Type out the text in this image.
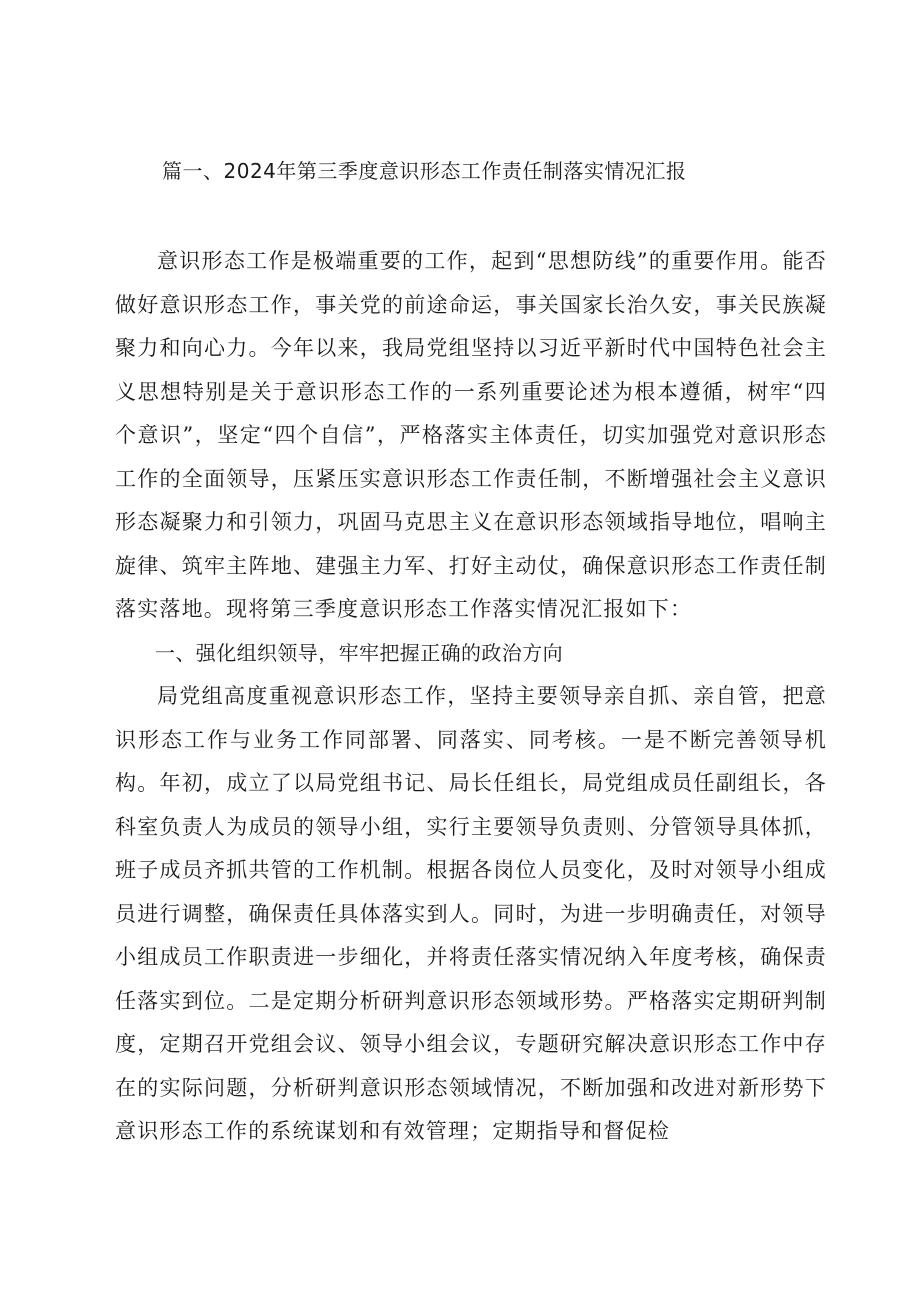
篇一、2024年第三季度意识形态工作责任制落实情况汇报

意识形态工作是极端重要的工作，起到“思想防线”的重要作用。能否做好意识形态工作，事关党的前途命运，事关国家长治久安，事关民族凝聚力和向心力。今年以来，我局党组坚持以习近平新时代中国特色社会主义思想特别是关于意识形态工作的一系列重要论述为根本遵循，树牢“四个意识”，坚定“四个自信”，严格落实主体责任，切实加强党对意识形态工作的全面领导，压紧压实意识形态工作责任制，不断增强社会主义意识形态凝聚力和引领力，巩固马克思主义在意识形态领域指导地位，唱响主旋律、筑牢主阵地、建强主力军、打好主动仗，确保意识形态工作责任制落实落地。现将第三季度意识形态工作落实情况汇报如下：

一、强化组织领导，牢牢把握正确的政治方向

局党组高度重视意识形态工作，坚持主要领导亲自抓、亲自管，把意识形态工作与业务工作同部署、同落实、同考核。一是不断完善领导机构。年初，成立了以局党组书记、局长任组长，局党组成员任副组长，各科室负责人为成员的领导小组，实行主要领导负责则、分管领导具体抓，班子成员齐抓共管的工作机制。根据各岗位人员变化，及时对领导小组成员进行调整，确保责任具体落实到人。同时，为进一步明确责任，对领导小组成员工作职责进一步细化，并将责任落实情况纳入年度考核，确保责任落实到位。二是定期分析研判意识形态领域形势。严格落实定期研判制度，定期召开党组会议、领导小组会议，专题研究解决意识形态工作中存在的实际问题，分析研判意识形态领域情况，不断加强和改进对新形势下意识形态工作的系统谋划和有效管理；定期指导和督促检
